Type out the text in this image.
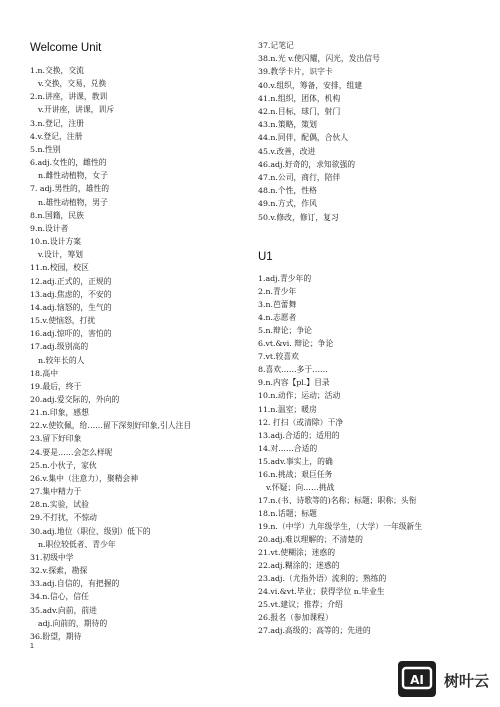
Welcome Unit
1.n.交换，交流
v.交换，交易，兑换
2.n.讲座，讲课，教训
v.开讲座，讲课，训斥
3.n.登记，注册
4.v.登记，注册
5.n.性别
6.adj.女性的，雌性的
n.雌性动植物，女子
7. adj.男性的，雄性的
n.雄性动植物，男子
8.n.国籍，民族
9.n.设计者
10.n.设计方案
v.设计，筹划
11.n.校园，校区
12.adj.正式的，正规的
13.adj.焦虑的，不安的
14.adj.恼怒的，生气的
15.v.使恼怒，打扰
16.adj.惊吓的，害怕的
17.adj.级别高的
n.较年长的人
18.高中
19.最后，终于
20.adj.爱交际的，外向的
21.n.印象，感想
22.v.使钦佩，给……留下深刻好印象,引人注目
23.留下好印象
24.要是……会怎么样呢
25.n.小伙子，家伙
26.v.集中（注意力），聚精会神
27.集中精力于
28.n.实验，试验
29.不打扰，不惊动
30.adj.地位（职位、级别）低下的
n.职位较低者、青少年
31.初级中学
32.v.探索，勘探
33.adj.自信的，有把握的
34.n.信心，信任
35.adv.向前，前进
adj.向前的，期待的
36.盼望，期待
37.记笔记
38.n.光 v.使闪耀，闪光，发出信号
39.教学卡片，识字卡
40.v.组织，筹备，安排，组建
41.n.组织，团体，机构
42.n.目标，球门，射门
43.n.策略，策划
44.n.同伴，配偶，合伙人
45.v.改善，改进
46.adj.好奇的，求知欲强的
47.n.公司，商行，陪伴
48.n.个性，性格
49.n.方式，作风
50.v.修改，修订，复习
U1
1.adj.青少年的
2.n.青少年
3.n.芭蕾舞
4.n.志愿者
5.n.辩论；争论
6.vt.&vi. 辩论；争论
7.vt.较喜欢
8.喜欢……多于……
9.n.内容【pl.】目录
10.n.动作；运动；活动
11.n.温室；暖房
12. 打扫（或清除）干净
13.adj.合适的；适用的
14.对……合适的
15.adv.事实上，的确
16.n.挑战；艰巨任务
v.怀疑；向……挑战
17.n.(书、诗歌等的)名称；标题；职称；头衔
18.n.话题；标题
19.n.（中学）九年级学生，（大学）一年级新生
20.adj.难以理解的；不清楚的
21.vt.使糊涂；迷惑的
22.adj.糊涂的；迷惑的
23.adj.（尤指外语）流利的；熟练的
24.vi.&vt.毕业；获得学位 n.毕业生
25.vt.建议；推荐；介绍
26.报名（参加课程）
27.adj.高级的；高等的；先进的
1
AI 树叶云
